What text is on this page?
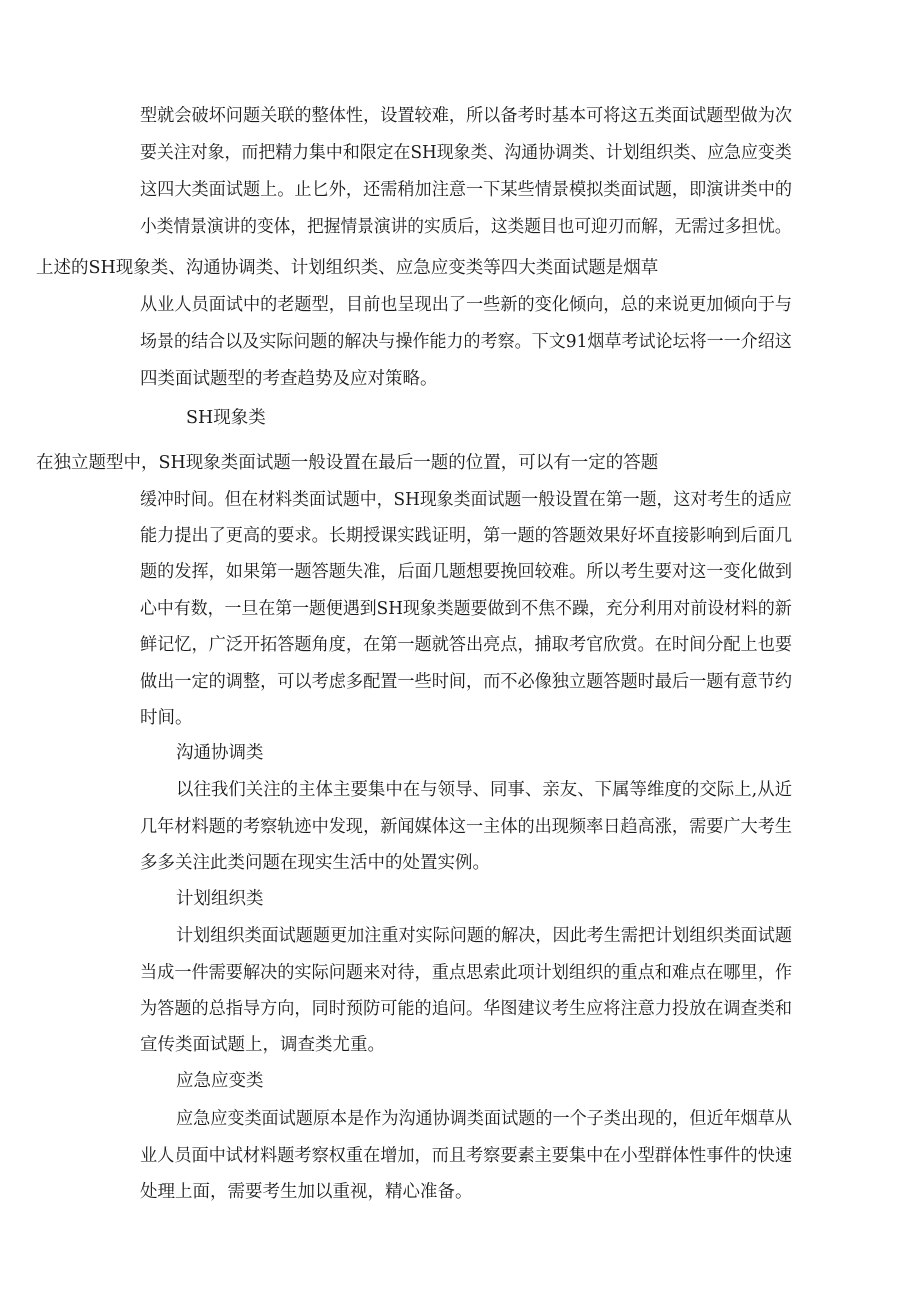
型就会破坏问题关联的整体性，设置较难，所以备考时基本可将这五类面试题型做为次
要关注对象，而把精力集中和限定在SH现象类、沟通协调类、计划组织类、应急应变类
这四大类面试题上。止匕外，还需稍加注意一下某些情景模拟类面试题，即演讲类中的
小类情景演讲的变体，把握情景演讲的实质后，这类题目也可迎刃而解，无需过多担忧。
上述的SH现象类、沟通协调类、计划组织类、应急应变类等四大类面试题是烟草
从业人员面试中的老题型，目前也呈现出了一些新的变化倾向，总的来说更加倾向于与
场景的结合以及实际问题的解决与操作能力的考察。下文91烟草考试论坛将一一介绍这
四类面试题型的考查趋势及应对策略。
SH现象类
在独立题型中，SH现象类面试题一般设置在最后一题的位置，可以有一定的答题
缓冲时间。但在材料类面试题中，SH现象类面试题一般设置在第一题，这对考生的适应
能力提出了更高的要求。长期授课实践证明，第一题的答题效果好坏直接影响到后面几
题的发挥，如果第一题答题失准，后面几题想要挽回较难。所以考生要对这一变化做到
心中有数，一旦在第一题便遇到SH现象类题要做到不焦不躁，充分利用对前设材料的新
鲜记忆，广泛开拓答题角度，在第一题就答出亮点，捕取考官欣赏。在时间分配上也要
做出一定的调整，可以考虑多配置一些时间，而不必像独立题答题时最后一题有意节约
时间。
沟通协调类
以往我们关注的主体主要集中在与领导、同事、亲友、下属等维度的交际上,从近
几年材料题的考察轨迹中发现，新闻媒体这一主体的出现频率日趋高涨，需要广大考生
多多关注此类问题在现实生活中的处置实例。
计划组织类
计划组织类面试题题更加注重对实际问题的解决，因此考生需把计划组织类面试题
当成一件需要解决的实际问题来对待，重点思索此项计划组织的重点和难点在哪里，作
为答题的总指导方向，同时预防可能的追问。华图建议考生应将注意力投放在调查类和
宣传类面试题上，调查类尤重。
应急应变类
应急应变类面试题原本是作为沟通协调类面试题的一个子类出现的，但近年烟草从
业人员面中试材料题考察权重在增加，而且考察要素主要集中在小型群体性事件的快速
处理上面，需要考生加以重视，精心准备。
